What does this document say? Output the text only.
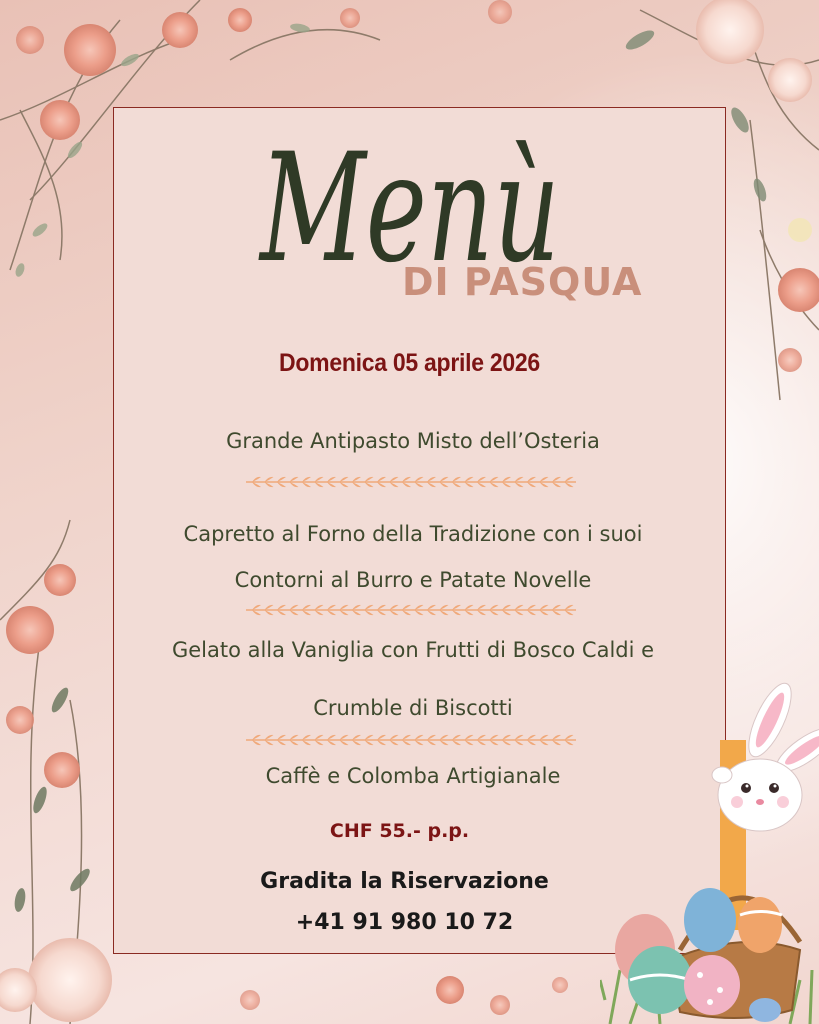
Menù
DI PASQUA
Domenica 05 aprile 2026
Grande Antipasto Misto dell’Osteria
Capretto al Forno della Tradizione con i suoi
Contorni al Burro e Patate Novelle
Gelato alla Vaniglia con Frutti di Bosco Caldi e
Crumble di Biscotti
Caffè e Colomba Artigianale
CHF 55.- p.p.
Gradita la Riservazione
+41 91 980 10 72
